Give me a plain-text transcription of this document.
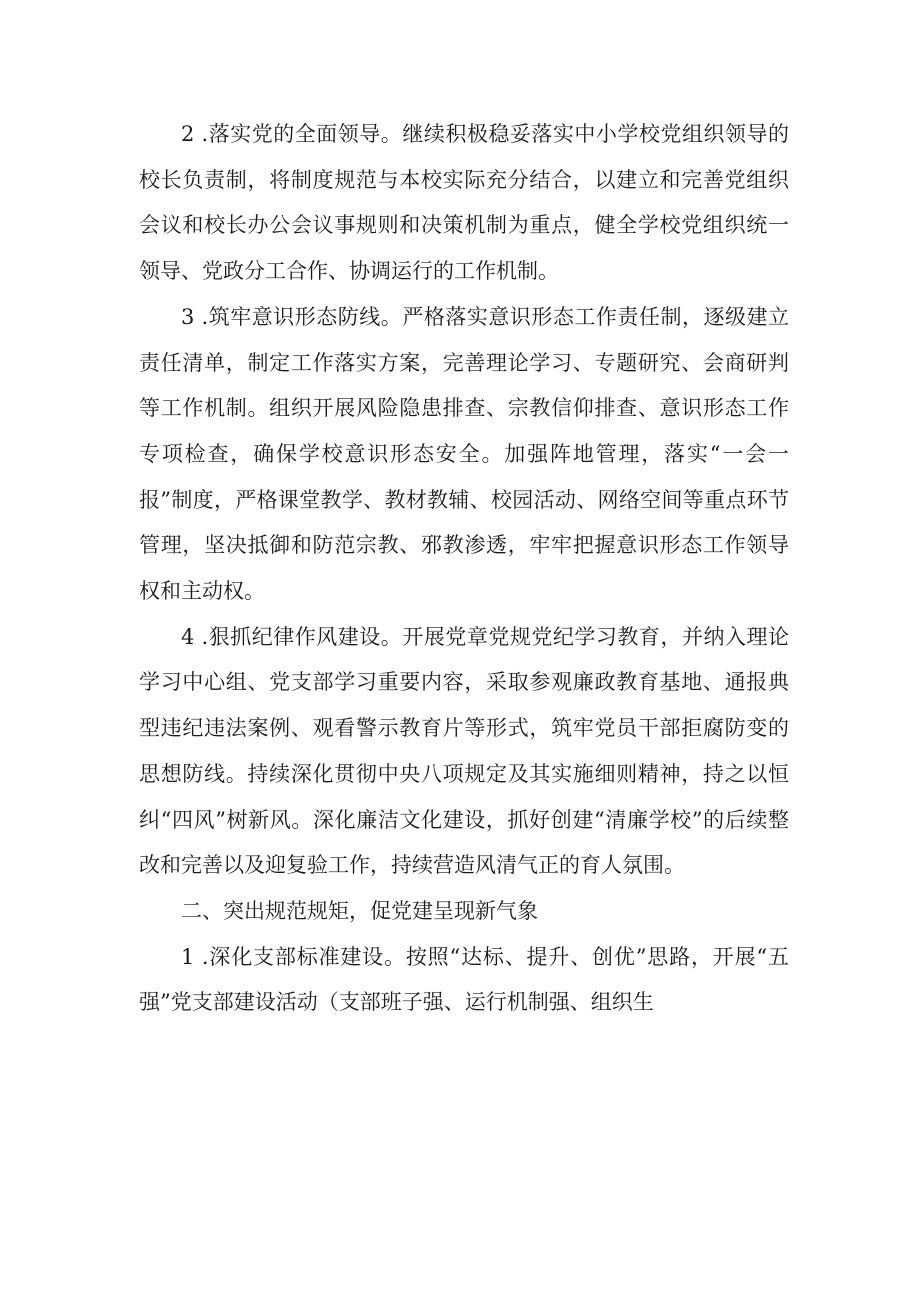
2 .落实党的全面领导。继续积极稳妥落实中小学校党组织领导的校长负责制，将制度规范与本校实际充分结合，以建立和完善党组织会议和校长办公会议事规则和决策机制为重点，健全学校党组织统一领导、党政分工合作、协调运行的工作机制。

3 .筑牢意识形态防线。严格落实意识形态工作责任制，逐级建立责任清单，制定工作落实方案，完善理论学习、专题研究、会商研判等工作机制。组织开展风险隐患排查、宗教信仰排查、意识形态工作专项检查，确保学校意识形态安全。加强阵地管理，落实“一会一报”制度，严格课堂教学、教材教辅、校园活动、网络空间等重点环节管理，坚决抵御和防范宗教、邪教渗透，牢牢把握意识形态工作领导权和主动权。

4 .狠抓纪律作风建设。开展党章党规党纪学习教育，并纳入理论学习中心组、党支部学习重要内容，采取参观廉政教育基地、通报典型违纪违法案例、观看警示教育片等形式，筑牢党员干部拒腐防变的思想防线。持续深化贯彻中央八项规定及其实施细则精神，持之以恒纠“四风”树新风。深化廉洁文化建设，抓好创建“清廉学校”的后续整改和完善以及迎复验工作，持续营造风清气正的育人氛围。

二、突出规范规矩，促党建呈现新气象

1 .深化支部标准建设。按照“达标、提升、创优”思路，开展“五强”党支部建设活动（支部班子强、运行机制强、组织生
